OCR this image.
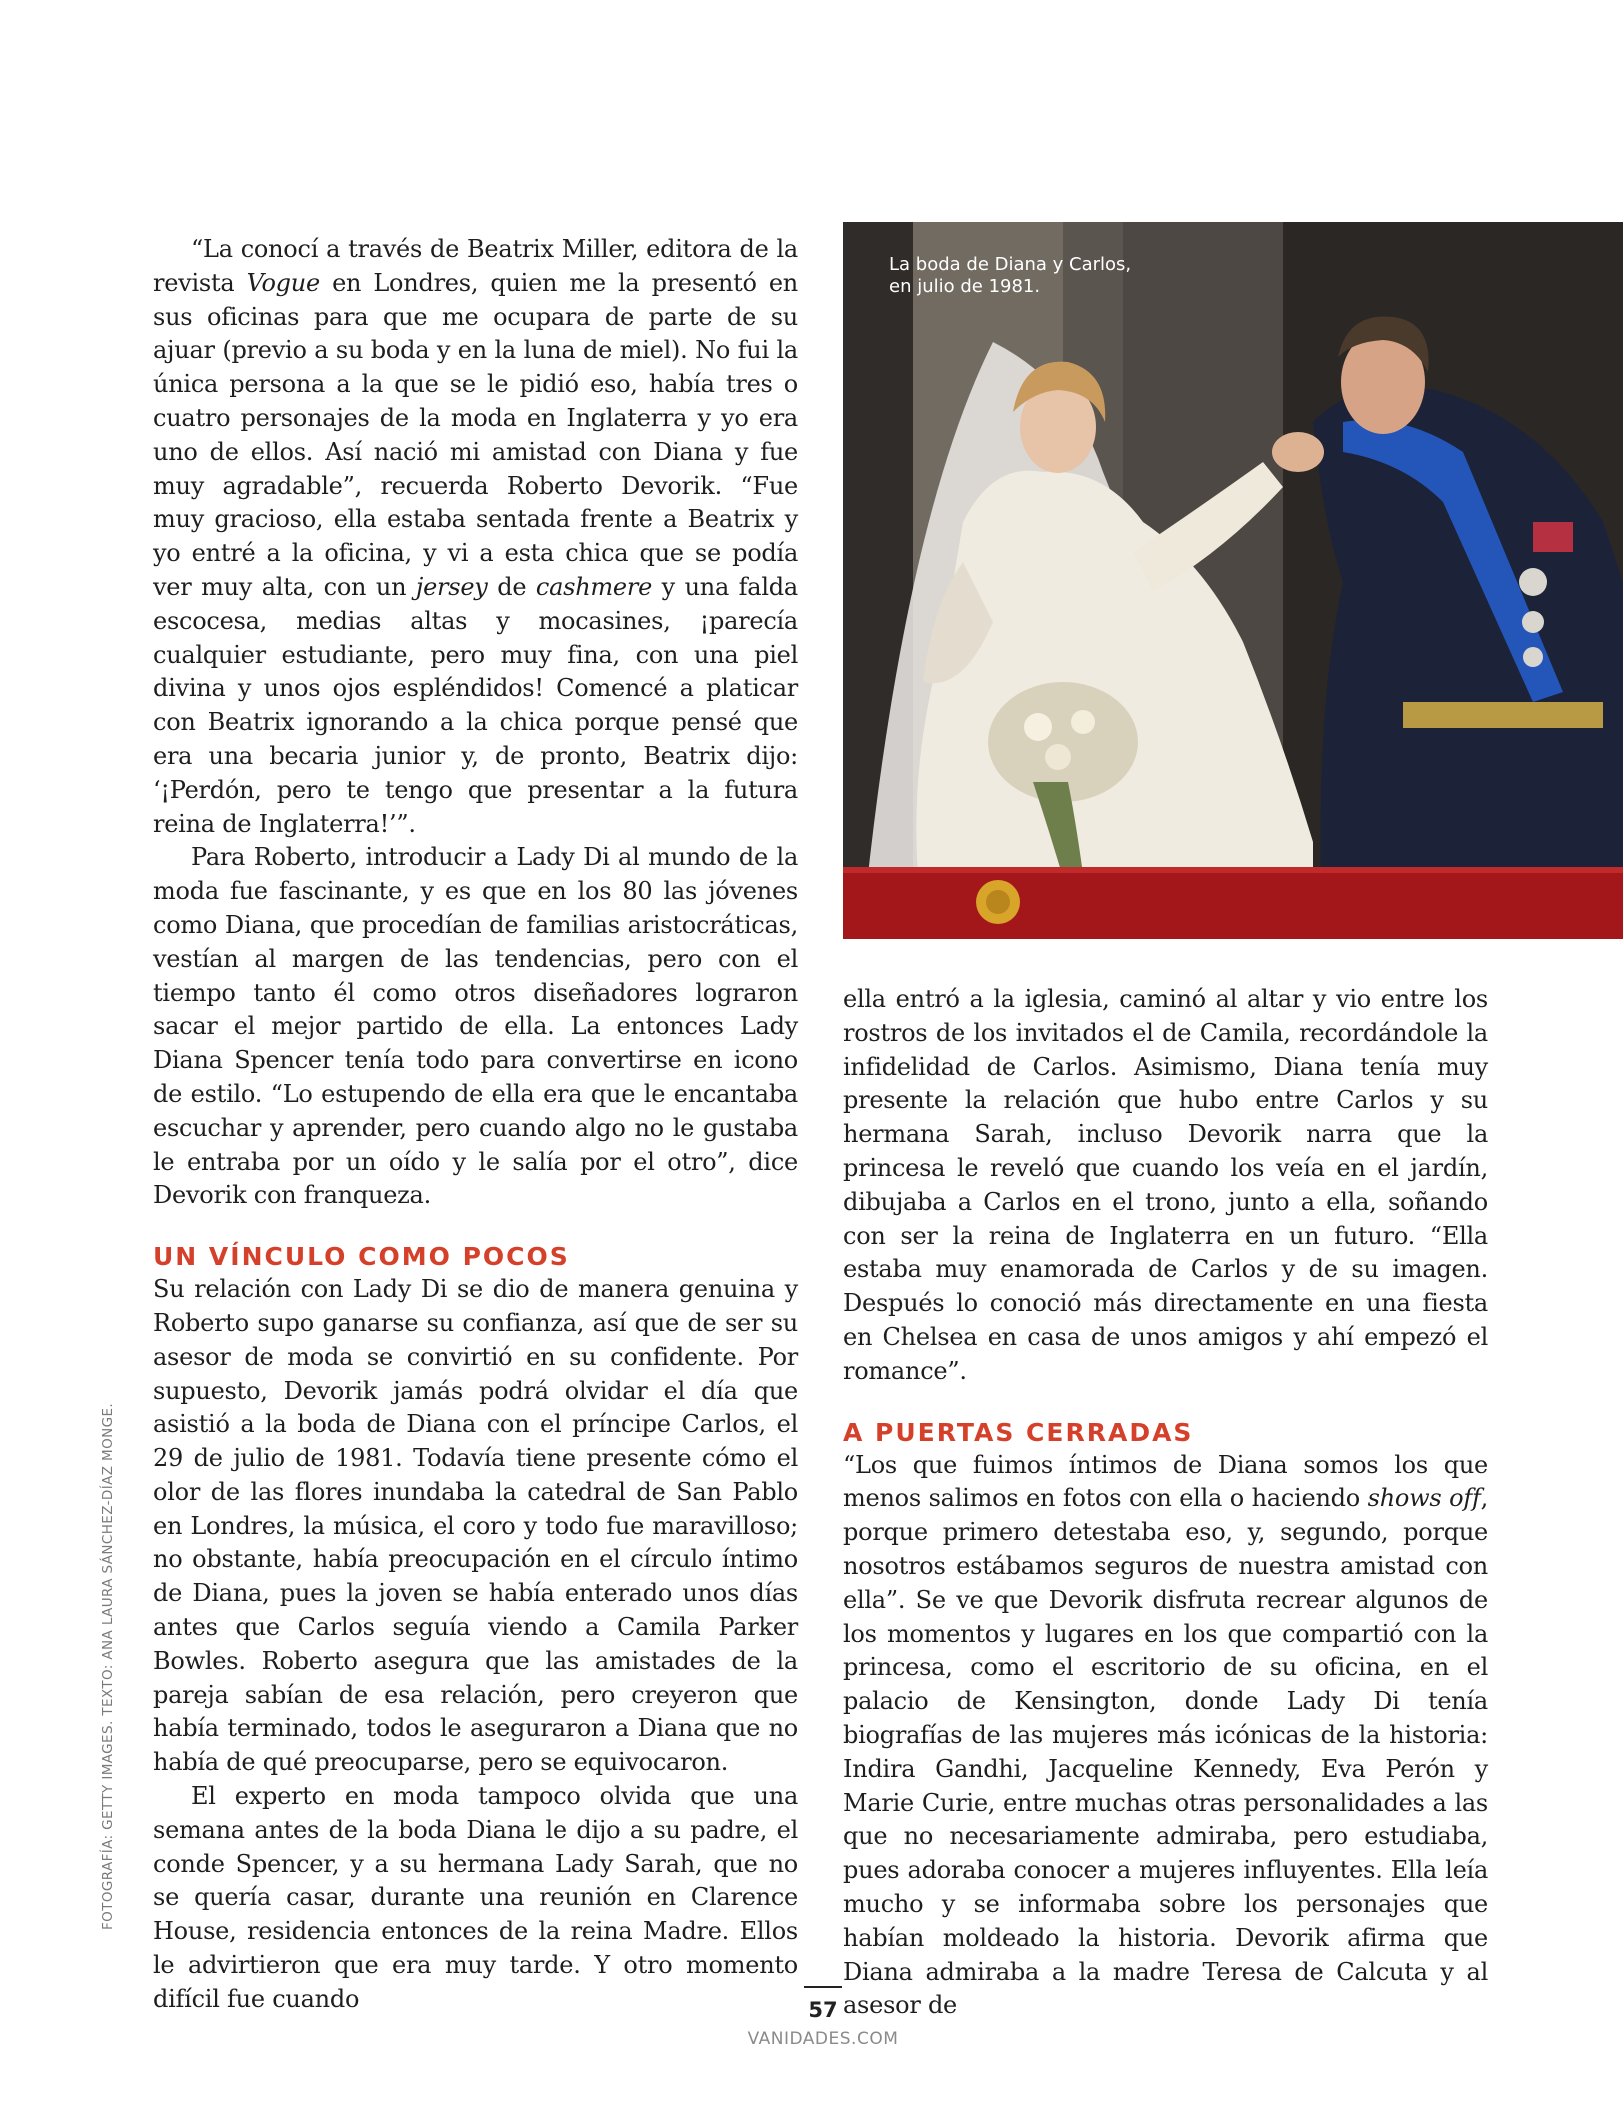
“La conocí a través de Beatrix Miller, editora de la revista Vogue en Londres, quien me la presentó en sus oficinas para que me ocupara de parte de su ajuar (previo a su boda y en la luna de miel). No fui la única persona a la que se le pidió eso, había tres o cuatro personajes de la moda en Inglaterra y yo era uno de ellos. Así nació mi amistad con Diana y fue muy agradable”, recuerda Roberto Devorik. “Fue muy gracioso, ella estaba sentada frente a Beatrix y yo entré a la oficina, y vi a esta chica que se podía ver muy alta, con un jersey de cashmere y una falda escocesa, medias altas y mocasines, ¡parecía cualquier estudiante, pero muy fina, con una piel divina y unos ojos espléndidos! Comencé a platicar con Beatrix ignorando a la chica porque pensé que era una becaria junior y, de pronto, Beatrix dijo: ‘¡Perdón, pero te tengo que presentar a la futura reina de Inglaterra!’”.

Para Roberto, introducir a Lady Di al mundo de la moda fue fascinante, y es que en los 80 las jóvenes como Diana, que procedían de familias aristocráticas, vestían al margen de las tendencias, pero con el tiempo tanto él como otros diseñadores lograron sacar el mejor partido de ella. La entonces Lady Diana Spencer tenía todo para convertirse en icono de estilo. “Lo estupendo de ella era que le encantaba escuchar y aprender, pero cuando algo no le gustaba le entraba por un oído y le salía por el otro”, dice Devorik con franqueza.

UN VÍNCULO COMO POCOS

Su relación con Lady Di se dio de manera genuina y Roberto supo ganarse su confianza, así que de ser su asesor de moda se convirtió en su confidente. Por supuesto, Devorik jamás podrá olvidar el día que asistió a la boda de Diana con el príncipe Carlos, el 29 de julio de 1981. Todavía tiene presente cómo el olor de las flores inundaba la catedral de San Pablo en Londres, la música, el coro y todo fue maravilloso; no obstante, había preocupación en el círculo íntimo de Diana, pues la joven se había enterado unos días antes que Carlos seguía viendo a Camila Parker Bowles. Roberto asegura que las amistades de la pareja sabían de esa relación, pero creyeron que había terminado, todos le aseguraron a Diana que no había de qué preocuparse, pero se equivocaron.

El experto en moda tampoco olvida que una semana antes de la boda Diana le dijo a su padre, el conde Spencer, y a su hermana Lady Sarah, que no se quería casar, durante una reunión en Clarence House, residencia entonces de la reina Madre. Ellos le advirtieron que era muy tarde. Y otro momento difícil fue cuando

La boda de Diana y Carlos, en julio de 1981.

ella entró a la iglesia, caminó al altar y vio entre los rostros de los invitados el de Camila, recordándole la infidelidad de Carlos. Asimismo, Diana tenía muy presente la relación que hubo entre Carlos y su hermana Sarah, incluso Devorik narra que la princesa le reveló que cuando los veía en el jardín, dibujaba a Carlos en el trono, junto a ella, soñando con ser la reina de Inglaterra en un futuro. “Ella estaba muy enamorada de Carlos y de su imagen. Después lo conoció más directamente en una fiesta en Chelsea en casa de unos amigos y ahí empezó el romance”.

A PUERTAS CERRADAS

“Los que fuimos íntimos de Diana somos los que menos salimos en fotos con ella o haciendo shows off, porque primero detestaba eso, y, segundo, porque nosotros estábamos seguros de nuestra amistad con ella”. Se ve que Devorik disfruta recrear algunos de los momentos y lugares en los que compartió con la princesa, como el escritorio de su oficina, en el palacio de Kensington, donde Lady Di tenía biografías de las mujeres más icónicas de la historia: Indira Gandhi, Jacqueline Kennedy, Eva Perón y Marie Curie, entre muchas otras personalidades a las que no necesariamente admiraba, pero estudiaba, pues adoraba conocer a mujeres influyentes. Ella leía mucho y se informaba sobre los personajes que habían moldeado la historia. Devorik afirma que Diana admiraba a la madre Teresa de Calcuta y al asesor de

FOTOGRAFÍA: GETTY IMAGES. TEXTO: ANA LAURA SÁNCHEZ-DÍAZ MONGE.
57
VANIDADES.COM
